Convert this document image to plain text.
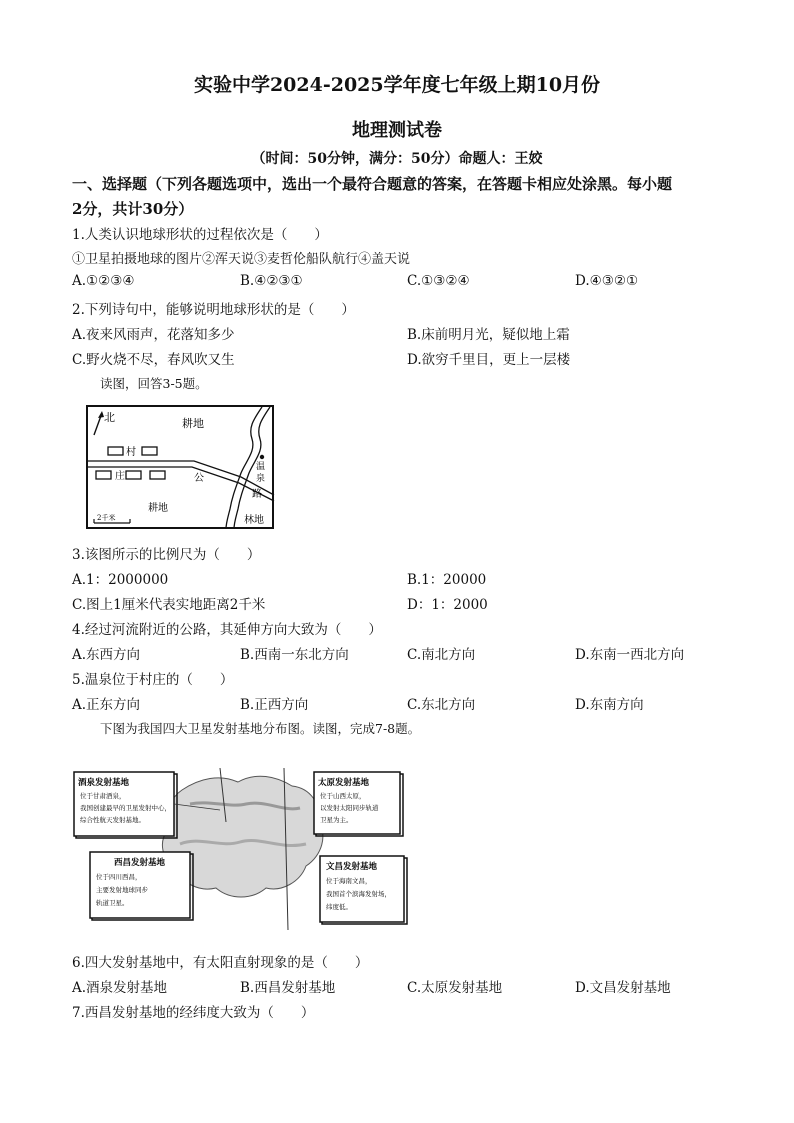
实验中学2024-2025学年度七年级上期10月份
地理测试卷
（时间：50分钟，满分：50分）命题人：王姣
一、选择题（下列各题选项中，选出一个最符合题意的答案，在答题卡相应处涂黑。每小题
2分，共计30分）
1.人类认识地球形状的过程依次是（　　）
①卫星拍摄地球的图片②浑天说③麦哲伦船队航行④盖天说
A.①②③④	B.④②③①	C.①③②④	D.④③②①
2.下列诗句中，能够说明地球形状的是（　　）
A.夜来风雨声，花落知多少	B.床前明月光，疑似地上霜
C.野火烧不尽，春风吹又生	D.欲穷千里目，更上一层楼
读图，回答3-5题。
北	耕地
村
庄	公
路
温
泉
耕地
林地
2千米
3.该图所示的比例尺为（　　）
A.1：2000000	B.1：20000
C.图上1厘米代表实地距离2千米	D：1：2000
4.经过河流附近的公路，其延伸方向大致为（　　）
A.东西方向	B.西南一东北方向	C.南北方向	D.东南一西北方向
5.温泉位于村庄的（　　）
A.正东方向	B.正西方向	C.东北方向	D.东南方向
下图为我国四大卫星发射基地分布图。读图，完成7-8题。
酒泉发射基地
位于甘肃酒泉，
我国创建最早的卫星发射中心，
综合性航天发射基地。
太原发射基地
位于山西太原，
以发射太阳同步轨道
卫星为主。
西昌发射基地
位于四川西昌，
主要发射地球同步
轨道卫星。
文昌发射基地
位于海南文昌，
我国首个滨海发射场，
纬度低。
6.四大发射基地中，有太阳直射现象的是（　　）
A.酒泉发射基地	B.西昌发射基地	C.太原发射基地	D.文昌发射基地
7.西昌发射基地的经纬度大致为（　　）
